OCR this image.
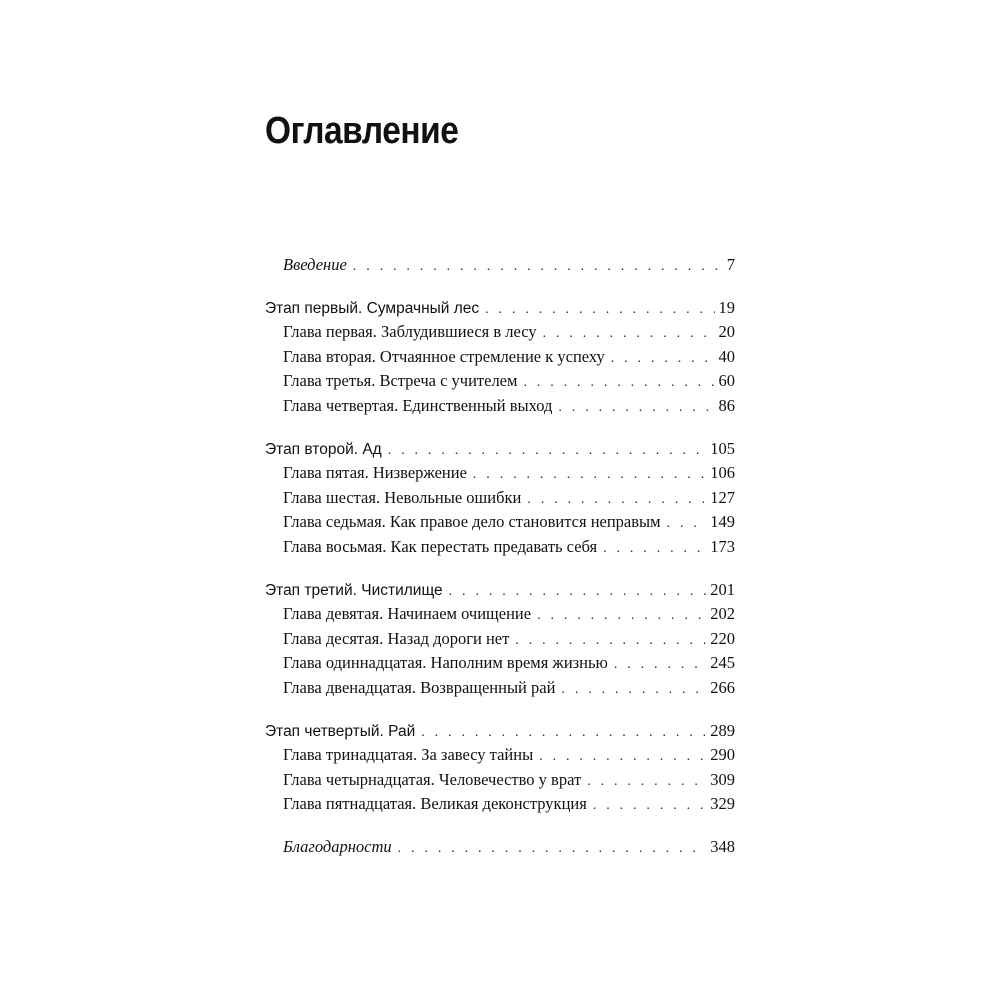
Оглавление
Введение . . .	7
Этап первый. Сумрачный лес . . .	19
Глава первая. Заблудившиеся в лесу . . .	20
Глава вторая. Отчаянное стремление к успеху . . .	40
Глава третья. Встреча с учителем . . .	60
Глава четвертая. Единственный выход . . .	86
Этап второй. Ад . . .	105
Глава пятая. Низвержение . . .	106
Глава шестая. Невольные ошибки . . .	127
Глава седьмая. Как правое дело становится неправым . . .	149
Глава восьмая. Как перестать предавать себя . . .	173
Этап третий. Чистилище . . .	201
Глава девятая. Начинаем очищение . . .	202
Глава десятая. Назад дороги нет . . .	220
Глава одиннадцатая. Наполним время жизнью . . .	245
Глава двенадцатая. Возвращенный рай . . .	266
Этап четвертый. Рай . . .	289
Глава тринадцатая. За завесу тайны . . .	290
Глава четырнадцатая. Человечество у врат . . .	309
Глава пятнадцатая. Великая деконструкция . . .	329
Благодарности . . .	348
